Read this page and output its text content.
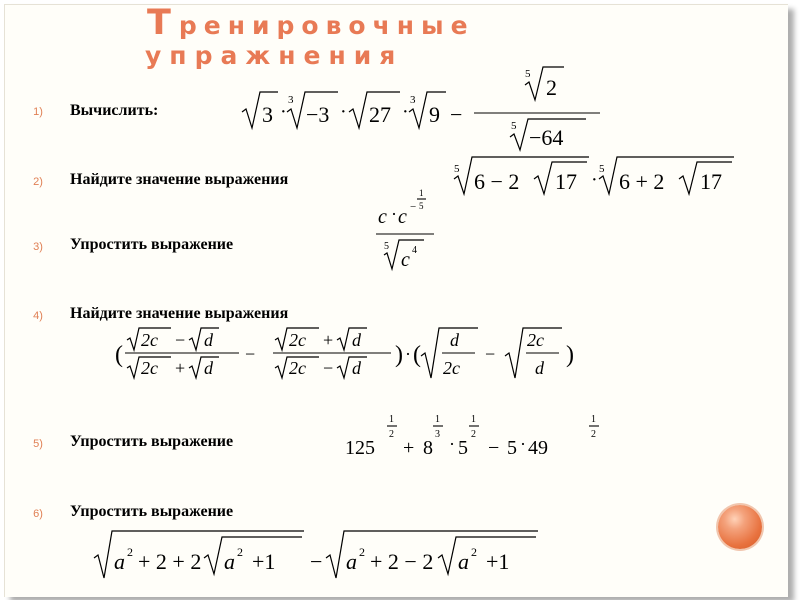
Тренировочные
упражнения
1)	Вычислить:
2)	Найдите значение выражения
3)	Упростить выражение
4)	Найдите значение выражения
5)	Упростить выражение
6)	Упростить выражение
3 ·
3
−3 · 27 ·
3
9 −
5
2
5 −64
5 6 − 2 17 · 5 6 + 2 17
c · c −
1
5
5
c 4
(
2c − d
2c + d
−
2c + d
2c − d ) · (
d
2c
−
2c
d )
125
1
2
+ 8
1
3 · 5
1
2
− 5 · 49
1
2
a 2 + 2 + 2 a 2 +1 − a 2 + 2 − 2 a 2 +1
